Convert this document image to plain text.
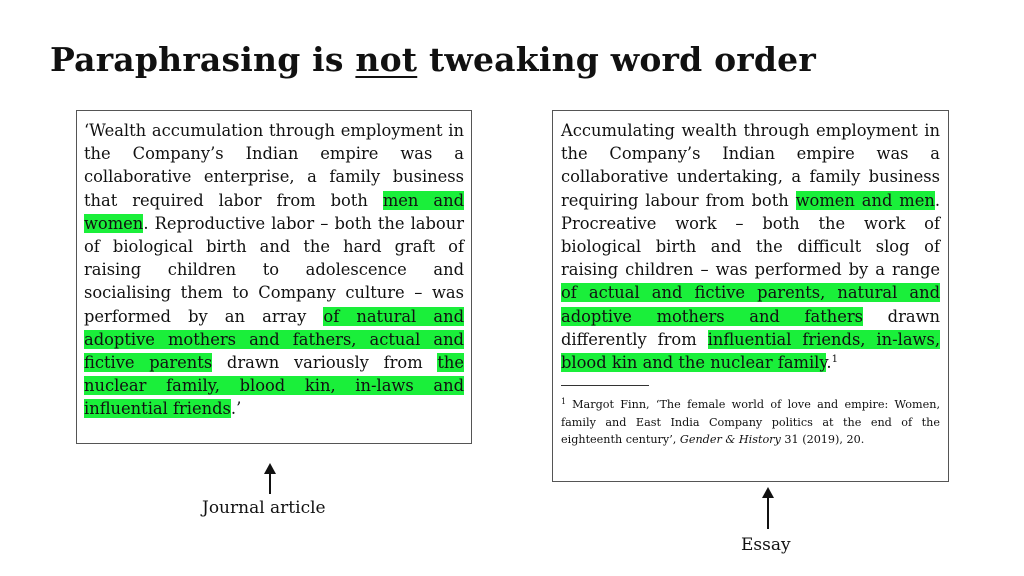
Paraphrasing is not tweaking word order

‘Wealth accumulation through employment in the Company’s Indian empire was a collaborative enterprise, a family business that required labor from both men and women. Reproductive labor – both the labour of biological birth and the hard graft of raising children to adolescence and socialising them to Company culture – was performed by an array of natural and adoptive mothers and fathers, actual and fictive parents drawn variously from the nuclear family, blood kin, in-laws and influential friends.’

Accumulating wealth through employment in the Company’s Indian empire was a collaborative undertaking, a family business requiring labour from both women and men. Procreative work – both the work of biological birth and the difficult slog of raising children – was performed by a range of actual and fictive parents, natural and adoptive mothers and fathers drawn differently from influential friends, in-laws, blood kin and the nuclear family.$^1$

$^1$ Margot Finn, ‘The female world of love and empire: Women, family and East India Company politics at the end of the eighteenth century’, Gender & History 31 (2019), 20.

Journal article
Essay
